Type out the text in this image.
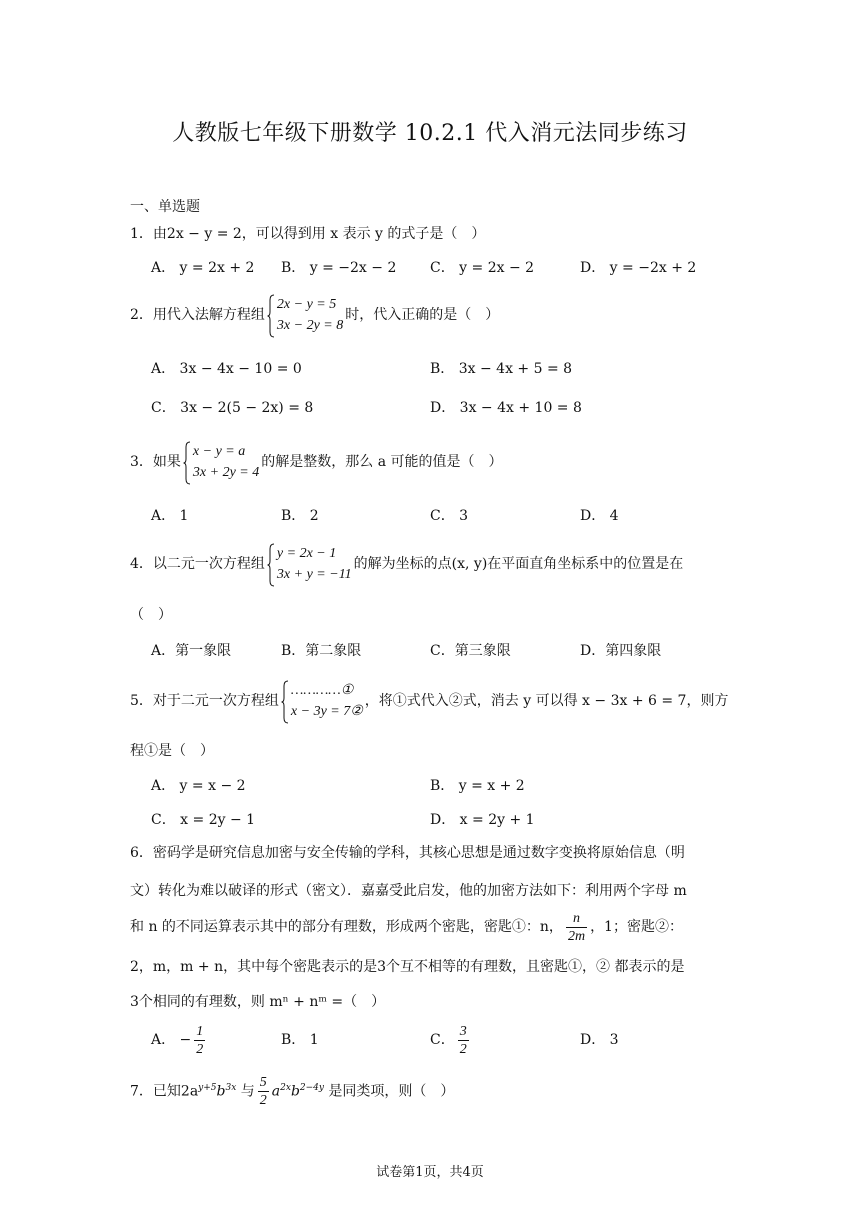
人教版七年级下册数学 10.2.1 代入消元法同步练习
一、单选题
1．由2x − y = 2，可以得到用 x 表示 y 的式子是（　）
A． y = 2x + 2 B． y = −2x − 2 C． y = 2x − 2	D． y = −2x + 2
2．用代入法解方程组
2x − y = 5
3x − 2y = 8
时，代入正确的是（　）
A． 3x − 4x − 10 = 0	B． 3x − 4x + 5 = 8
C． 3x − 2(5 − 2x) = 8	D． 3x − 4x + 10 = 8
3．如果
x − y = a
3x + 2y = 4
的解是整数，那么 a 可能的值是（　）
A． 1	B． 2	C． 3	D． 4
4．以二元一次方程组
y = 2x − 1
3x + y = −11
的解为坐标的点(x, y)在平面直角坐标系中的位置是在
（　）
A．第一象限	B．第二象限	C．第三象限	D．第四象限
5．对于二元一次方程组
…………①
x − 3y = 7②
，将①式代入②式，消去 y 可以得 x − 3x + 6 = 7，则方
程①是（　）
A． y = x − 2	B． y = x + 2
C． x = 2y − 1	D． x = 2y + 1
6．密码学是研究信息加密与安全传输的学科，其核心思想是通过数字变换将原始信息（明
文）转化为难以破译的形式（密文）．嘉嘉受此启发，他的加密方法如下：利用两个字母 m
和 n 的不同运算表示其中的部分有理数，形成两个密匙，密匙①：n， $\frac{n}{2m}$ ，1；密匙②：
2，m，m + n，其中每个密匙表示的是3个互不相等的有理数，且密匙①，② 都表示的是
3个相同的有理数，则 mⁿ + nᵐ =（　）
A． − $\frac{1}{2}$	B． 1	C． $\frac{3}{2}$	D． 3
7．已知$2a^{y+5}b^{3x}$ 与 $\frac{5}{2} a^{2x}b^{2-4y}$ 是同类项，则（　）
试卷第1页，共4页
